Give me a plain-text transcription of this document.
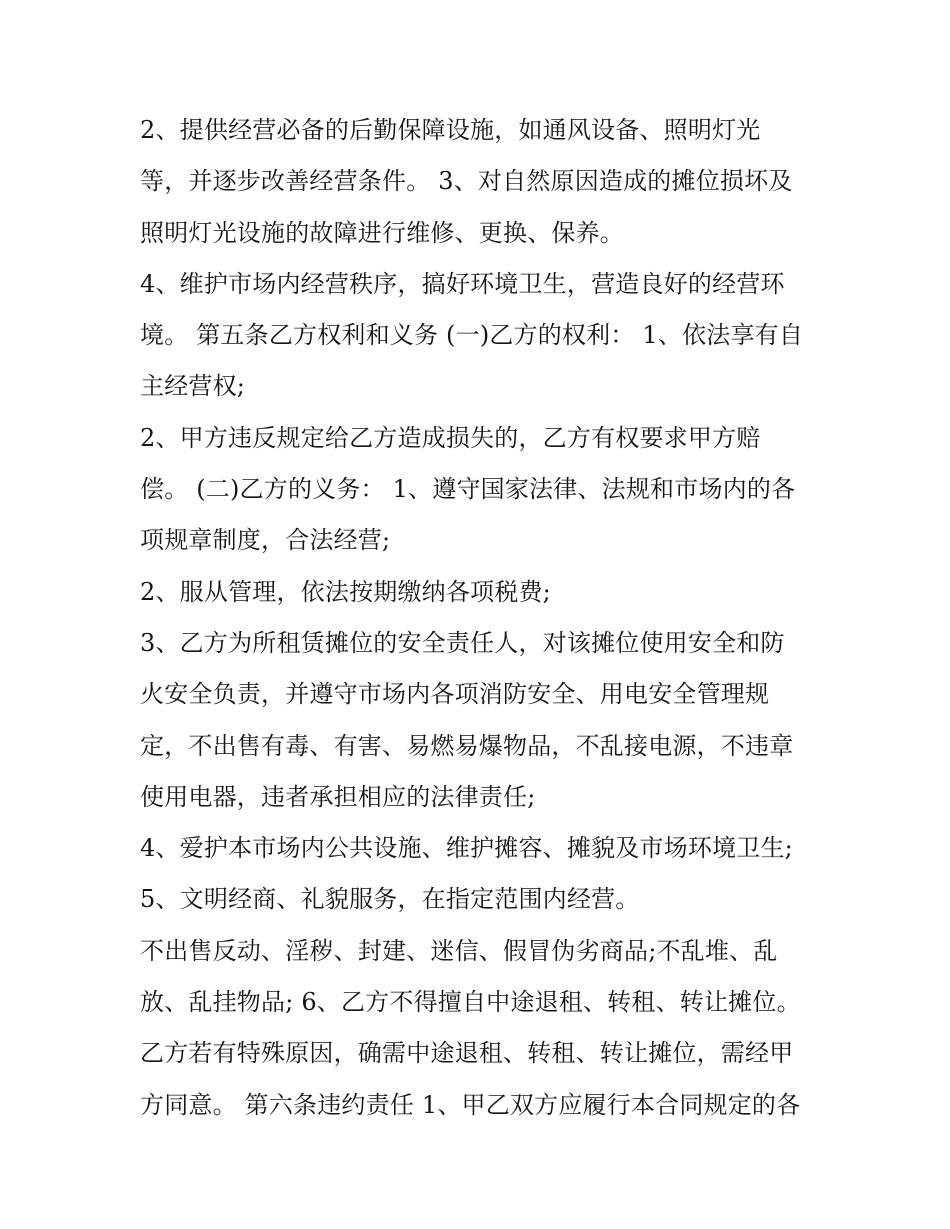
2、提供经营必备的后勤保障设施，如通风设备、照明灯光
等，并逐步改善经营条件。 3、对自然原因造成的摊位损坏及
照明灯光设施的故障进行维修、更换、保养。
4、维护市场内经营秩序，搞好环境卫生，营造良好的经营环
境。 第五条乙方权利和义务 (一)乙方的权利： 1、依法享有自
主经营权;
2、甲方违反规定给乙方造成损失的，乙方有权要求甲方赔
偿。 (二)乙方的义务： 1、遵守国家法律、法规和市场内的各
项规章制度，合法经营;
2、服从管理，依法按期缴纳各项税费;
3、乙方为所租赁摊位的安全责任人，对该摊位使用安全和防
火安全负责，并遵守市场内各项消防安全、用电安全管理规
定，不出售有毒、有害、易燃易爆物品，不乱接电源，不违章
使用电器，违者承担相应的法律责任;
4、爱护本市场内公共设施、维护摊容、摊貌及市场环境卫生;
5、文明经商、礼貌服务，在指定范围内经营。
不出售反动、淫秽、封建、迷信、假冒伪劣商品;不乱堆、乱
放、乱挂物品; 6、乙方不得擅自中途退租、转租、转让摊位。
乙方若有特殊原因，确需中途退租、转租、转让摊位，需经甲
方同意。 第六条违约责任 1、甲乙双方应履行本合同规定的各
